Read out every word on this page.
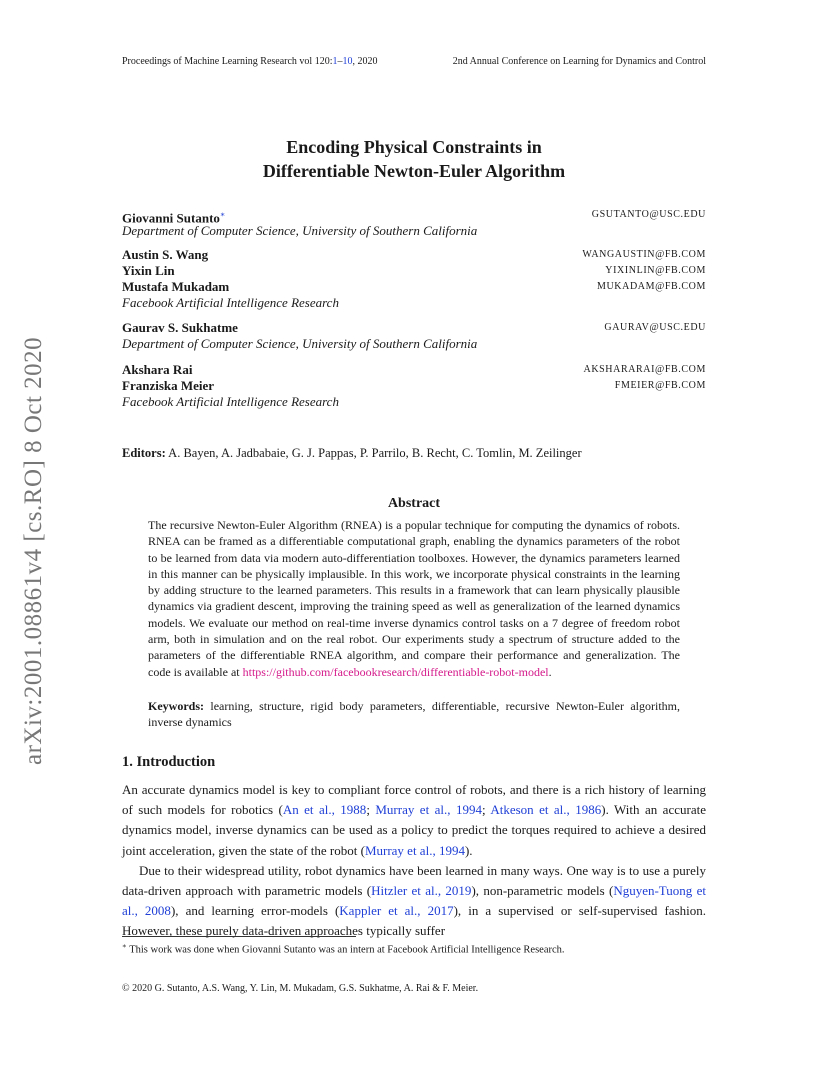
Proceedings of Machine Learning Research vol 120:1–10, 2020	2nd Annual Conference on Learning for Dynamics and Control
arXiv:2001.08861v4 [cs.RO] 8 Oct 2020
Encoding Physical Constraints in
Differentiable Newton-Euler Algorithm
Giovanni Sutanto∗	GSUTANTO@USC.EDU
Department of Computer Science, University of Southern California
Austin S. Wang	WANGAUSTIN@FB.COM
Yixin Lin	YIXINLIN@FB.COM
Mustafa Mukadam	MUKADAM@FB.COM
Facebook Artificial Intelligence Research
Gaurav S. Sukhatme	GAURAV@USC.EDU
Department of Computer Science, University of Southern California
Akshara Rai	AKSHARARAI@FB.COM
Franziska Meier	FMEIER@FB.COM
Facebook Artificial Intelligence Research
Editors: A. Bayen, A. Jadbabaie, G. J. Pappas, P. Parrilo, B. Recht, C. Tomlin, M. Zeilinger
Abstract
The recursive Newton-Euler Algorithm (RNEA) is a popular technique for computing the dynamics of robots. RNEA can be framed as a differentiable computational graph, enabling the dynamics parameters of the robot to be learned from data via modern auto-differentiation toolboxes. However, the dynamics parameters learned in this manner can be physically implausible. In this work, we incorporate physical constraints in the learning by adding structure to the learned parameters. This results in a framework that can learn physically plausible dynamics via gradient descent, improving the training speed as well as generalization of the learned dynamics models. We evaluate our method on real-time inverse dynamics control tasks on a 7 degree of freedom robot arm, both in simulation and on the real robot. Our experiments study a spectrum of structure added to the parameters of the differentiable RNEA algorithm, and compare their performance and generalization. The code is available at https://github.com/facebookresearch/differentiable-robot-model.
Keywords: learning, structure, rigid body parameters, differentiable, recursive Newton-Euler algorithm, inverse dynamics
1. Introduction

An accurate dynamics model is key to compliant force control of robots, and there is a rich history of learning of such models for robotics (An et al., 1988; Murray et al., 1994; Atkeson et al., 1986). With an accurate dynamics model, inverse dynamics can be used as a policy to predict the torques required to achieve a desired joint acceleration, given the state of the robot (Murray et al., 1994).

Due to their widespread utility, robot dynamics have been learned in many ways. One way is to use a purely data-driven approach with parametric models (Hitzler et al., 2019), non-parametric models (Nguyen-Tuong et al., 2008), and learning error-models (Kappler et al., 2017), in a supervised or self-supervised fashion. However, these purely data-driven approaches typically suffer

∗ This work was done when Giovanni Sutanto was an intern at Facebook Artificial Intelligence Research.
© 2020 G. Sutanto, A.S. Wang, Y. Lin, M. Mukadam, G.S. Sukhatme, A. Rai & F. Meier.
